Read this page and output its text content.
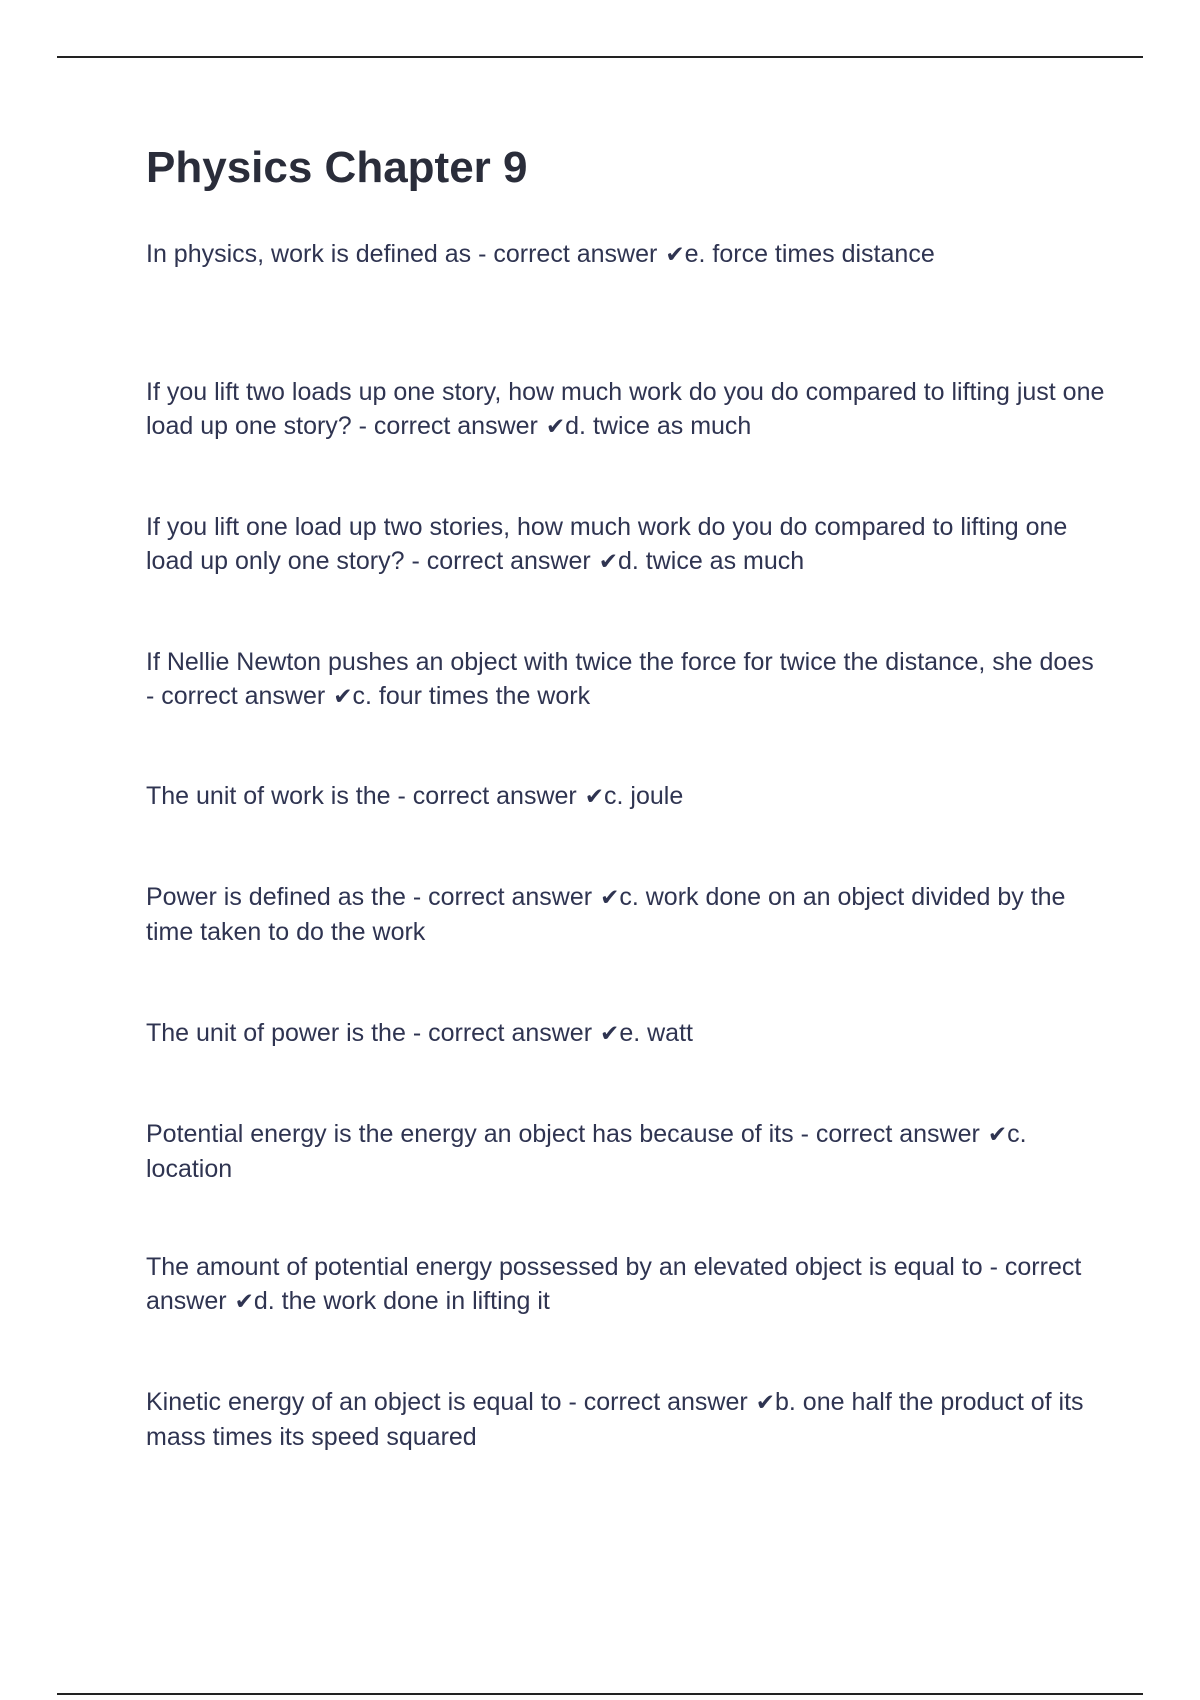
Physics Chapter 9
In physics, work is defined as - correct answer ✔e. force times distance
If you lift two loads up one story, how much work do you do compared to lifting just one load up one story? - correct answer ✔d. twice as much
If you lift one load up two stories, how much work do you do compared to lifting one load up only one story? - correct answer ✔d. twice as much
If Nellie Newton pushes an object with twice the force for twice the distance, she does - correct answer ✔c. four times the work
The unit of work is the - correct answer ✔c. joule
Power is defined as the - correct answer ✔c. work done on an object divided by the time taken to do the work
The unit of power is the - correct answer ✔e. watt
Potential energy is the energy an object has because of its - correct answer ✔c. location
The amount of potential energy possessed by an elevated object is equal to - correct answer ✔d. the work done in lifting it
Kinetic energy of an object is equal to - correct answer ✔b. one half the product of its mass times its speed squared
